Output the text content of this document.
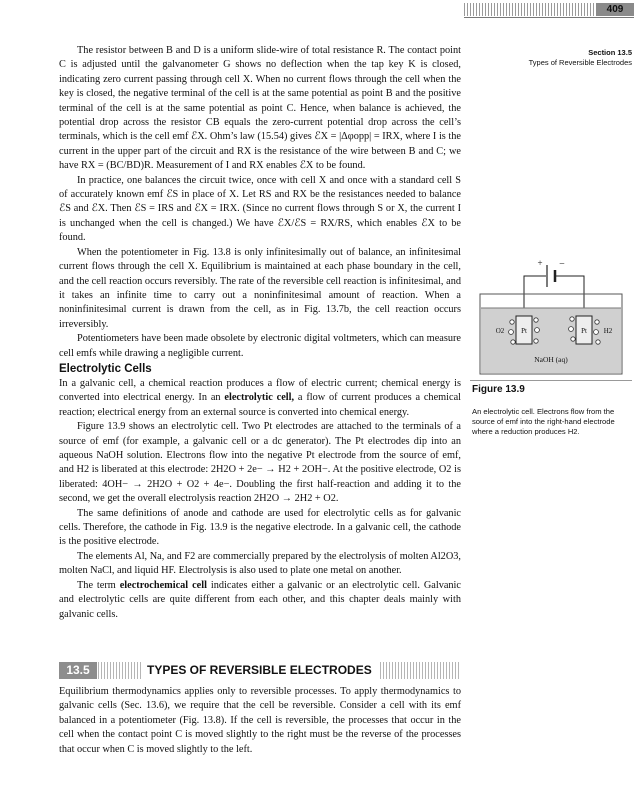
409
Section 13.5
Types of Reversible Electrodes

The resistor between B and D is a uniform slide-wire of total resistance R. The contact point C is adjusted until the galvanometer G shows no deflection when the tap key K is closed, indicating zero current passing through cell X. When no current flows through the cell when the key is closed, the negative terminal of the cell is at the same potential as point B and the positive terminal of the cell is at the same potential as point C. Hence, when balance is achieved, the potential drop across the resistor CB equals the zero-current potential drop across the cell’s terminals, which is the cell emf ℰX. Ohm’s law (15.54) gives ℰX = |Δφopp| = IRX, where I is the current in the upper part of the circuit and RX is the resistance of the wire between B and C; we have RX = (BC/BD)R. Measurement of I and RX enables ℰX to be found.

In practice, one balances the circuit twice, once with cell X and once with a standard cell S of accurately known emf ℰS in place of X. Let RS and RX be the resistances needed to balance ℰS and ℰX. Then ℰS = IRS and ℰX = IRX. (Since no current flows through S or X, the current I is unchanged when the cell is changed.) We have ℰX/ℰS = RX/RS, which enables ℰX to be found.

When the potentiometer in Fig. 13.8 is only infinitesimally out of balance, an infinitesimal current flows through the cell X. Equilibrium is maintained at each phase boundary in the cell, and the cell reaction occurs reversibly. The rate of the reversible cell reaction is infinitesimal, and it takes an infinite time to carry out a noninfinitesimal amount of reaction. When a noninfinitesimal current is drawn from the cell, as in Fig. 13.7b, the cell reaction occurs irreversibly.

Potentiometers have been made obsolete by electronic digital voltmeters, which can measure cell emfs while drawing a negligible current.

Electrolytic Cells

In a galvanic cell, a chemical reaction produces a flow of electric current; chemical energy is converted into electrical energy. In an electrolytic cell, a flow of current produces a chemical reaction; electrical energy from an external source is converted into chemical energy.

Figure 13.9 shows an electrolytic cell. Two Pt electrodes are attached to the terminals of a source of emf (for example, a galvanic cell or a dc generator). The Pt electrodes dip into an aqueous NaOH solution. Electrons flow into the negative Pt electrode from the source of emf, and H2 is liberated at this electrode: 2H2O + 2e− → H2 + 2OH−. At the positive electrode, O2 is liberated: 4OH− → 2H2O + O2 + 4e−. Doubling the first half-reaction and adding it to the second, we get the overall electrolysis reaction 2H2O → 2H2 + O2.

The same definitions of anode and cathode are used for electrolytic cells as for galvanic cells. Therefore, the cathode in Fig. 13.9 is the negative electrode. In a galvanic cell, the cathode is the positive electrode.

The elements Al, Na, and F2 are commercially prepared by the electrolysis of molten Al2O3, molten NaCl, and liquid HF. Electrolysis is also used to plate one metal on another.

The term electrochemical cell indicates either a galvanic or an electrolytic cell. Galvanic and electrolytic cells are quite different from each other, and this chapter deals mainly with galvanic cells.

13.5	TYPES OF REVERSIBLE ELECTRODES

Equilibrium thermodynamics applies only to reversible processes. To apply thermodynamics to galvanic cells (Sec. 13.6), we require that the cell be reversible. Consider a cell with its emf balanced in a potentiometer (Fig. 13.8). If the cell is reversible, the processes that occur in the cell when the contact point C is moved slightly to the right must be the reverse of the processes that occur when C is moved slightly to the left.

+ −
Pt	Pt
O2	H2
NaOH (aq)
Figure 13.9
An electrolytic cell. Electrons flow from the source of emf into the right-hand electrode where a reduction produces H2.
